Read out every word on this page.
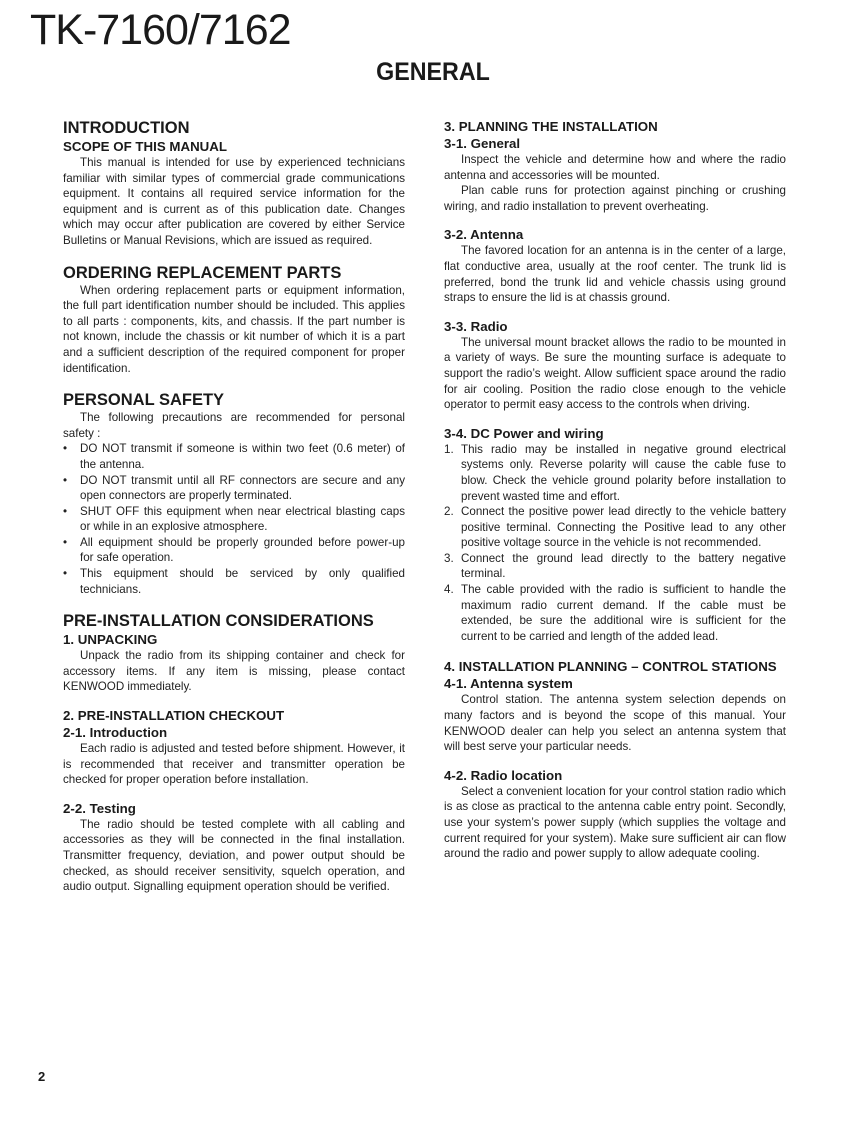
TK-7160/7162
GENERAL
INTRODUCTION
SCOPE OF THIS MANUAL

This manual is intended for use by experienced technicians familiar with similar types of commercial grade communications equipment. It contains all required service information for the equipment and is current as of this publication date. Changes which may occur after publication are covered by either Service Bulletins or Manual Revisions, which are issued as required.

ORDERING REPLACEMENT PARTS

When ordering replacement parts or equipment information, the full part identification number should be included. This applies to all parts : components, kits, and chassis. If the part number is not known, include the chassis or kit number of which it is a part and a sufficient description of the required component for proper identification.

PERSONAL SAFETY

The following precautions are recommended for personal safety :

• DO NOT transmit if someone is within two feet (0.6 meter) of the antenna.
• DO NOT transmit until all RF connectors are secure and any open connectors are properly terminated.
• SHUT OFF this equipment when near electrical blasting caps or while in an explosive atmosphere.
• All equipment should be properly grounded before power-up for safe operation.
• This equipment should be serviced by only qualified technicians.
PRE-INSTALLATION CONSIDERATIONS
1. UNPACKING

Unpack the radio from its shipping container and check for accessory items. If any item is missing, please contact KENWOOD immediately.

2. PRE-INSTALLATION CHECKOUT
2-1. Introduction

Each radio is adjusted and tested before shipment. However, it is recommended that receiver and transmitter operation be checked for proper operation before installation.

2-2. Testing

The radio should be tested complete with all cabling and accessories as they will be connected in the final installation. Transmitter frequency, deviation, and power output should be checked, as should receiver sensitivity, squelch operation, and audio output. Signalling equipment operation should be verified.

3. PLANNING THE INSTALLATION
3-1. General

Inspect the vehicle and determine how and where the radio antenna and accessories will be mounted.

Plan cable runs for protection against pinching or crushing wiring, and radio installation to prevent overheating.

3-2. Antenna

The favored location for an antenna is in the center of a large, flat conductive area, usually at the roof center. The trunk lid is preferred, bond the trunk lid and vehicle chassis using ground straps to ensure the lid is at chassis ground.

3-3. Radio

The universal mount bracket allows the radio to be mounted in a variety of ways. Be sure the mounting surface is adequate to support the radio’s weight. Allow sufficient space around the radio for air cooling. Position the radio close enough to the vehicle operator to permit easy access to the controls when driving.

3-4. DC Power and wiring
1. This radio may be installed in negative ground electrical systems only. Reverse polarity will cause the cable fuse to blow. Check the vehicle ground polarity before installation to prevent wasted time and effort.
2. Connect the positive power lead directly to the vehicle battery positive terminal. Connecting the Positive lead to any other positive voltage source in the vehicle is not recommended.
3. Connect the ground lead directly to the battery negative terminal.
4. The cable provided with the radio is sufficient to handle the maximum radio current demand. If the cable must be extended, be sure the additional wire is sufficient for the current to be carried and length of the added lead.
4. INSTALLATION PLANNING – CONTROL STATIONS
4-1. Antenna system

Control station. The antenna system selection depends on many factors and is beyond the scope of this manual. Your KENWOOD dealer can help you select an antenna system that will best serve your particular needs.

4-2. Radio location

Select a convenient location for your control station radio which is as close as practical to the antenna cable entry point. Secondly, use your system’s power supply (which supplies the voltage and current required for your system). Make sure sufficient air can flow around the radio and power supply to allow adequate cooling.

2
